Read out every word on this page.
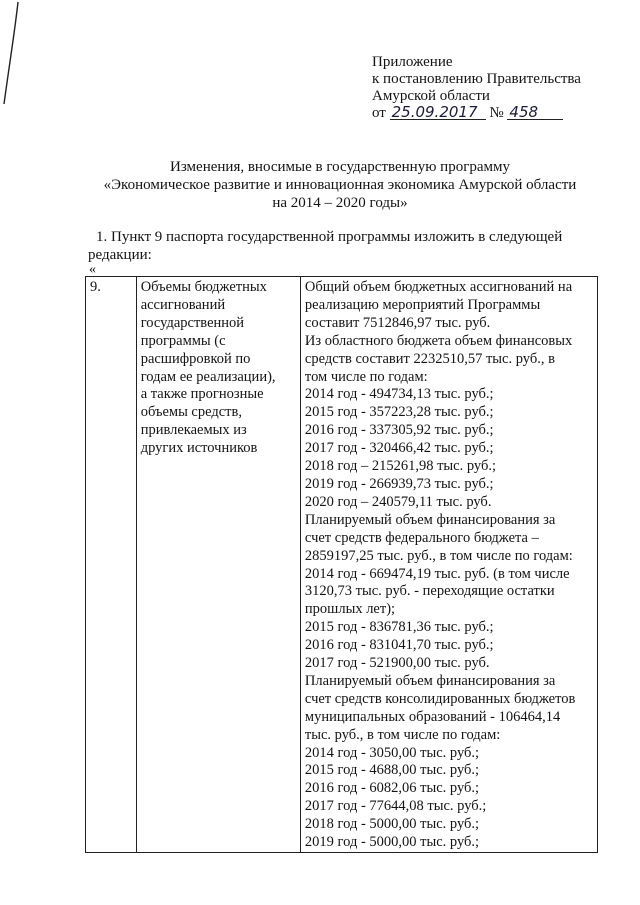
Приложение
к постановлению Правительства
Амурской области
от 25.09.2017 № 458
Изменения, вносимые в государственную программу
«Экономическое развитие и инновационная экономика Амурской области
на 2014 – 2020 годы»
1. Пункт 9 паспорта государственной программы изложить в следующей
редакции:
«
9.	Объемы бюджетных
ассигнований
государственной
программы (с
расшифровкой по
годам ее реализации),
а также прогнозные
объемы средств,
привлекаемых из
других источников

Общий объем бюджетных ассигнований на
реализацию мероприятий Программы
составит 7512846,97 тыс. руб.
Из областного бюджета объем финансовых
средств составит 2232510,57 тыс. руб., в
том числе по годам:
2014 год - 494734,13 тыс. руб.;
2015 год - 357223,28 тыс. руб.;
2016 год - 337305,92 тыс. руб.;
2017 год - 320466,42 тыс. руб.;
2018 год – 215261,98 тыс. руб.;
2019 год - 266939,73 тыс. руб.;
2020 год – 240579,11 тыс. руб.
Планируемый объем финансирования за
счет средств федерального бюджета –
2859197,25 тыс. руб., в том числе по годам:
2014 год - 669474,19 тыс. руб. (в том числе
3120,73 тыс. руб. - переходящие остатки
прошлых лет);
2015 год - 836781,36 тыс. руб.;
2016 год - 831041,70 тыс. руб.;
2017 год - 521900,00 тыс. руб.
Планируемый объем финансирования за
счет средств консолидированных бюджетов
муниципальных образований - 106464,14
тыс. руб., в том числе по годам:
2014 год - 3050,00 тыс. руб.;
2015 год - 4688,00 тыс. руб.;
2016 год - 6082,06 тыс. руб.;
2017 год - 77644,08 тыс. руб.;
2018 год - 5000,00 тыс. руб.;
2019 год - 5000,00 тыс. руб.;
